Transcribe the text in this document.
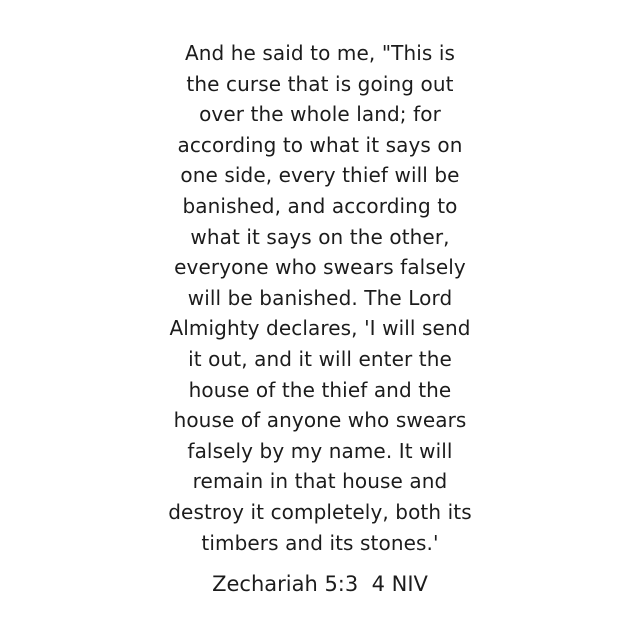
And he said to me, "This is
the curse that is going out
over the whole land; for
according to what it says on
one side, every thief will be
banished, and according to
what it says on the other,
everyone who swears falsely
will be banished. The Lord
Almighty declares, 'I will send
it out, and it will enter the
house of the thief and the
house of anyone who swears
falsely by my name. It will
remain in that house and
destroy it completely, both its
timbers and its stones.'

Zechariah 5:3  4 NIV
